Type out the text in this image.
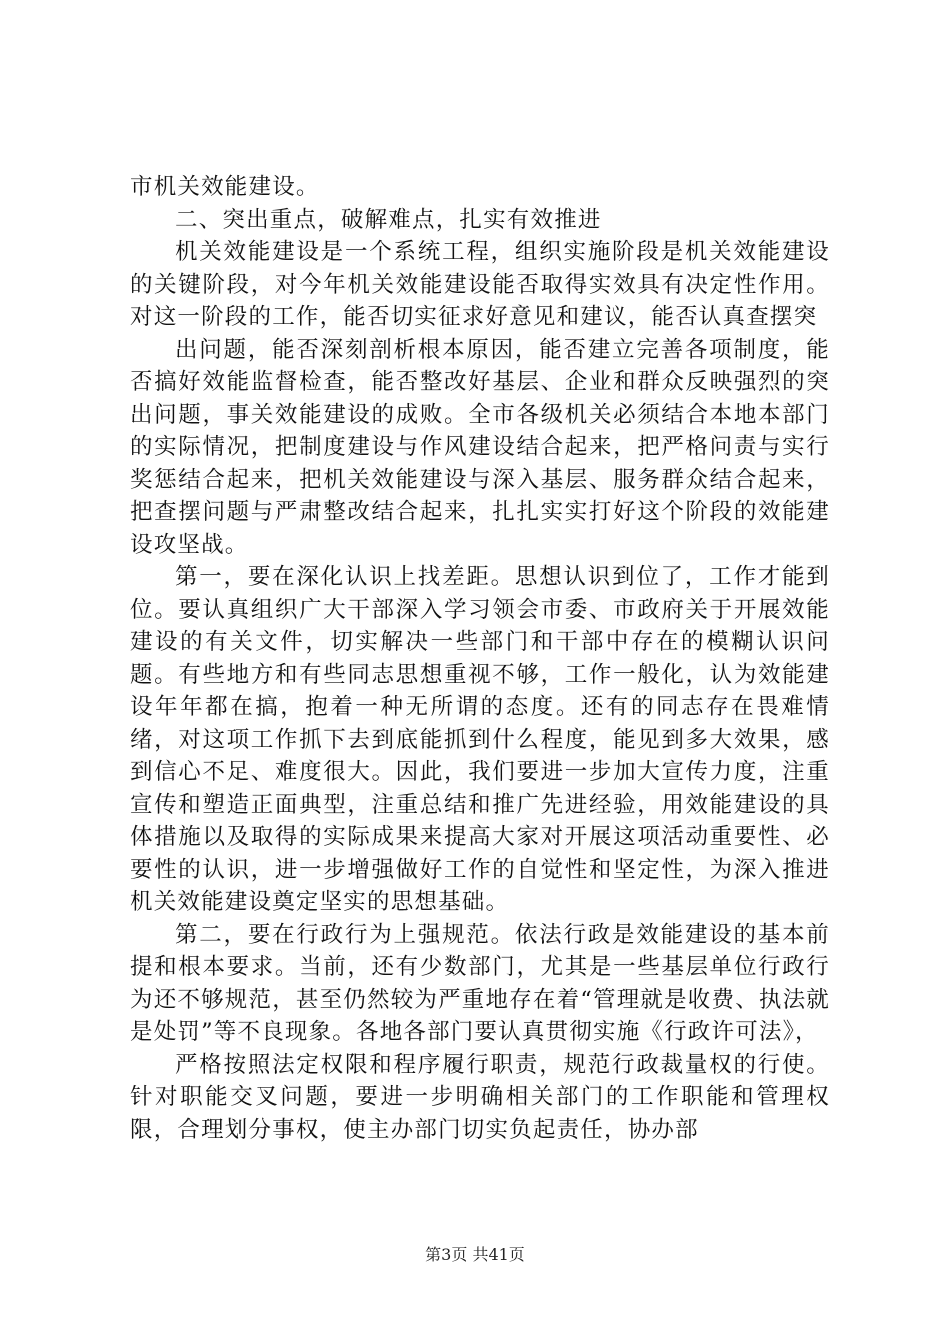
市机关效能建设。

二、突出重点，破解难点，扎实有效推进

机关效能建设是一个系统工程，组织实施阶段是机关效能建设的关键阶段，对今年机关效能建设能否取得实效具有决定性作用。对这一阶段的工作，能否切实征求好意见和建议，能否认真查摆突

出问题，能否深刻剖析根本原因，能否建立完善各项制度，能否搞好效能监督检查，能否整改好基层、企业和群众反映强烈的突出问题，事关效能建设的成败。全市各级机关必须结合本地本部门的实际情况，把制度建设与作风建设结合起来，把严格问责与实行奖惩结合起来，把机关效能建设与深入基层、服务群众结合起来，把查摆问题与严肃整改结合起来，扎扎实实打好这个阶段的效能建设攻坚战。

第一，要在深化认识上找差距。思想认识到位了，工作才能到位。要认真组织广大干部深入学习领会市委、市政府关于开展效能建设的有关文件，切实解决一些部门和干部中存在的模糊认识问题。有些地方和有些同志思想重视不够，工作一般化，认为效能建设年年都在搞，抱着一种无所谓的态度。还有的同志存在畏难情绪，对这项工作抓下去到底能抓到什么程度，能见到多大效果，感到信心不足、难度很大。因此，我们要进一步加大宣传力度，注重宣传和塑造正面典型，注重总结和推广先进经验，用效能建设的具体措施以及取得的实际成果来提高大家对开展这项活动重要性、必要性的认识，进一步增强做好工作的自觉性和坚定性，为深入推进机关效能建设奠定坚实的思想基础。

第二，要在行政行为上强规范。依法行政是效能建设的基本前提和根本要求。当前，还有少数部门，尤其是一些基层单位行政行为还不够规范，甚至仍然较为严重地存在着“管理就是收费、执法就是处罚”等不良现象。各地各部门要认真贯彻实施《行政许可法》，

严格按照法定权限和程序履行职责，规范行政裁量权的行使。针对职能交叉问题，要进一步明确相关部门的工作职能和管理权限，合理划分事权，使主办部门切实负起责任，协办部

第3页 共41页
